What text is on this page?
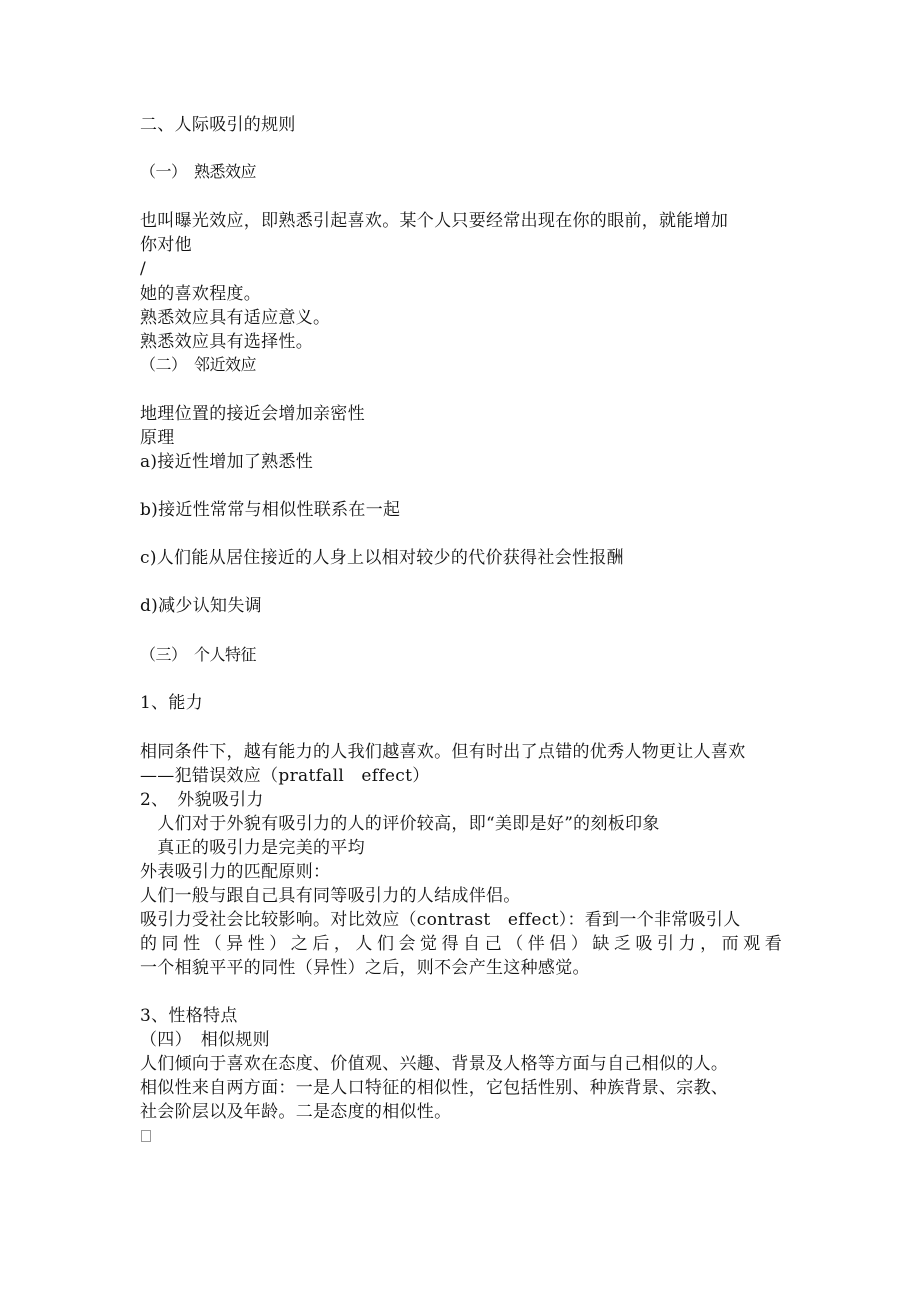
二、人际吸引的规则
（一）　熟悉效应
也叫曝光效应，即熟悉引起喜欢。某个人只要经常出现在你的眼前，就能增加
你对他
/
她的喜欢程度。
熟悉效应具有适应意义。
熟悉效应具有选择性。
（二）　邻近效应
地理位置的接近会增加亲密性
原理
a)接近性增加了熟悉性
b)接近性常常与相似性联系在一起
c)人们能从居住接近的人身上以相对较少的代价获得社会性报酬
d)减少认知失调
（三）　个人特征
1、能力
相同条件下，越有能力的人我们越喜欢。但有时出了点错的优秀人物更让人喜欢
——犯错误效应（pratfall　effect）
2、　外貌吸引力
　人们对于外貌有吸引力的人的评价较高，即“美即是好”的刻板印象
　真正的吸引力是完美的平均
外表吸引力的匹配原则：
人们一般与跟自己具有同等吸引力的人结成伴侣。
吸引力受社会比较影响。对比效应（contrast　effect）：看到一个非常吸引人
的同性（异性）之后，人们会觉得自己（伴侣）缺乏吸引力，而观看
一个相貌平平的同性（异性）之后，则不会产生这种感觉。
3、性格特点
（四）　相似规则
人们倾向于喜欢在态度、价值观、兴趣、背景及人格等方面与自己相似的人。
相似性来自两方面：一是人口特征的相似性，它包括性别、种族背景、宗教、
社会阶层以及年龄。二是态度的相似性。
